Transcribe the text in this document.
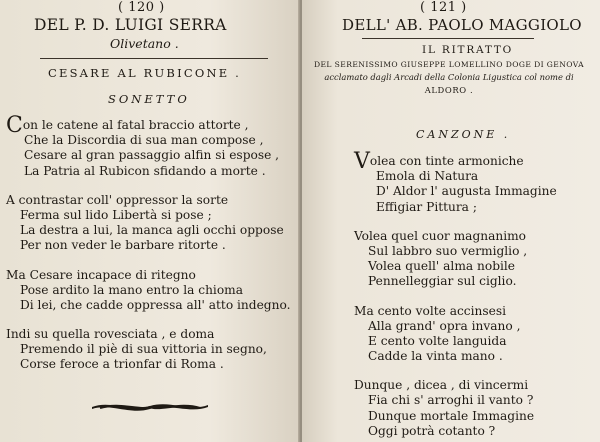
( 120 )
DEL P. D. LUIGI SERRA
Olivetano .
CESARE AL RUBICONE .
SONETTO
Con le catene al fatal braccio attorte ,
Che la Discordia di sua man compose ,
Cesare al gran passaggio alfin si espose ,
La Patria al Rubicon sfidando a morte .
A contrastar coll' oppressor la sorte
Ferma sul lido Libertà si pose ;
La destra a lui, la manca agli occhi oppose
Per non veder le barbare ritorte .
Ma Cesare incapace di ritegno
Pose ardito la mano entro la chioma
Di lei, che cadde oppressa all' atto indegno.
Indi su quella rovesciata , e doma
Premendo il piè di sua vittoria in segno,
Corse feroce a trionfar di Roma .
( 121 )
DELL' AB. PAOLO MAGGIOLO
IL RITRATTO
DEL SERENISSIMO GIUSEPPE LOMELLINO DOGE DI GENOVA
acclamato dagli Arcadi della Colonia Ligustica col nome di
ALDORO .
CANZONE .
Volea con tinte armoniche
Emola di Natura
D' Aldor l' augusta Immagine
Effigiar Pittura ;
Volea quel cuor magnanimo
Sul labbro suo vermiglio ,
Volea quell' alma nobile
Pennelleggiar sul ciglio.
Ma cento volte accinsesi
Alla grand' opra invano ,
E cento volte languida
Cadde la vinta mano .
Dunque , dicea , di vincermi
Fia chi s' arroghi il vanto ?
Dunque mortale Immagine
Oggi potrà cotanto ?
